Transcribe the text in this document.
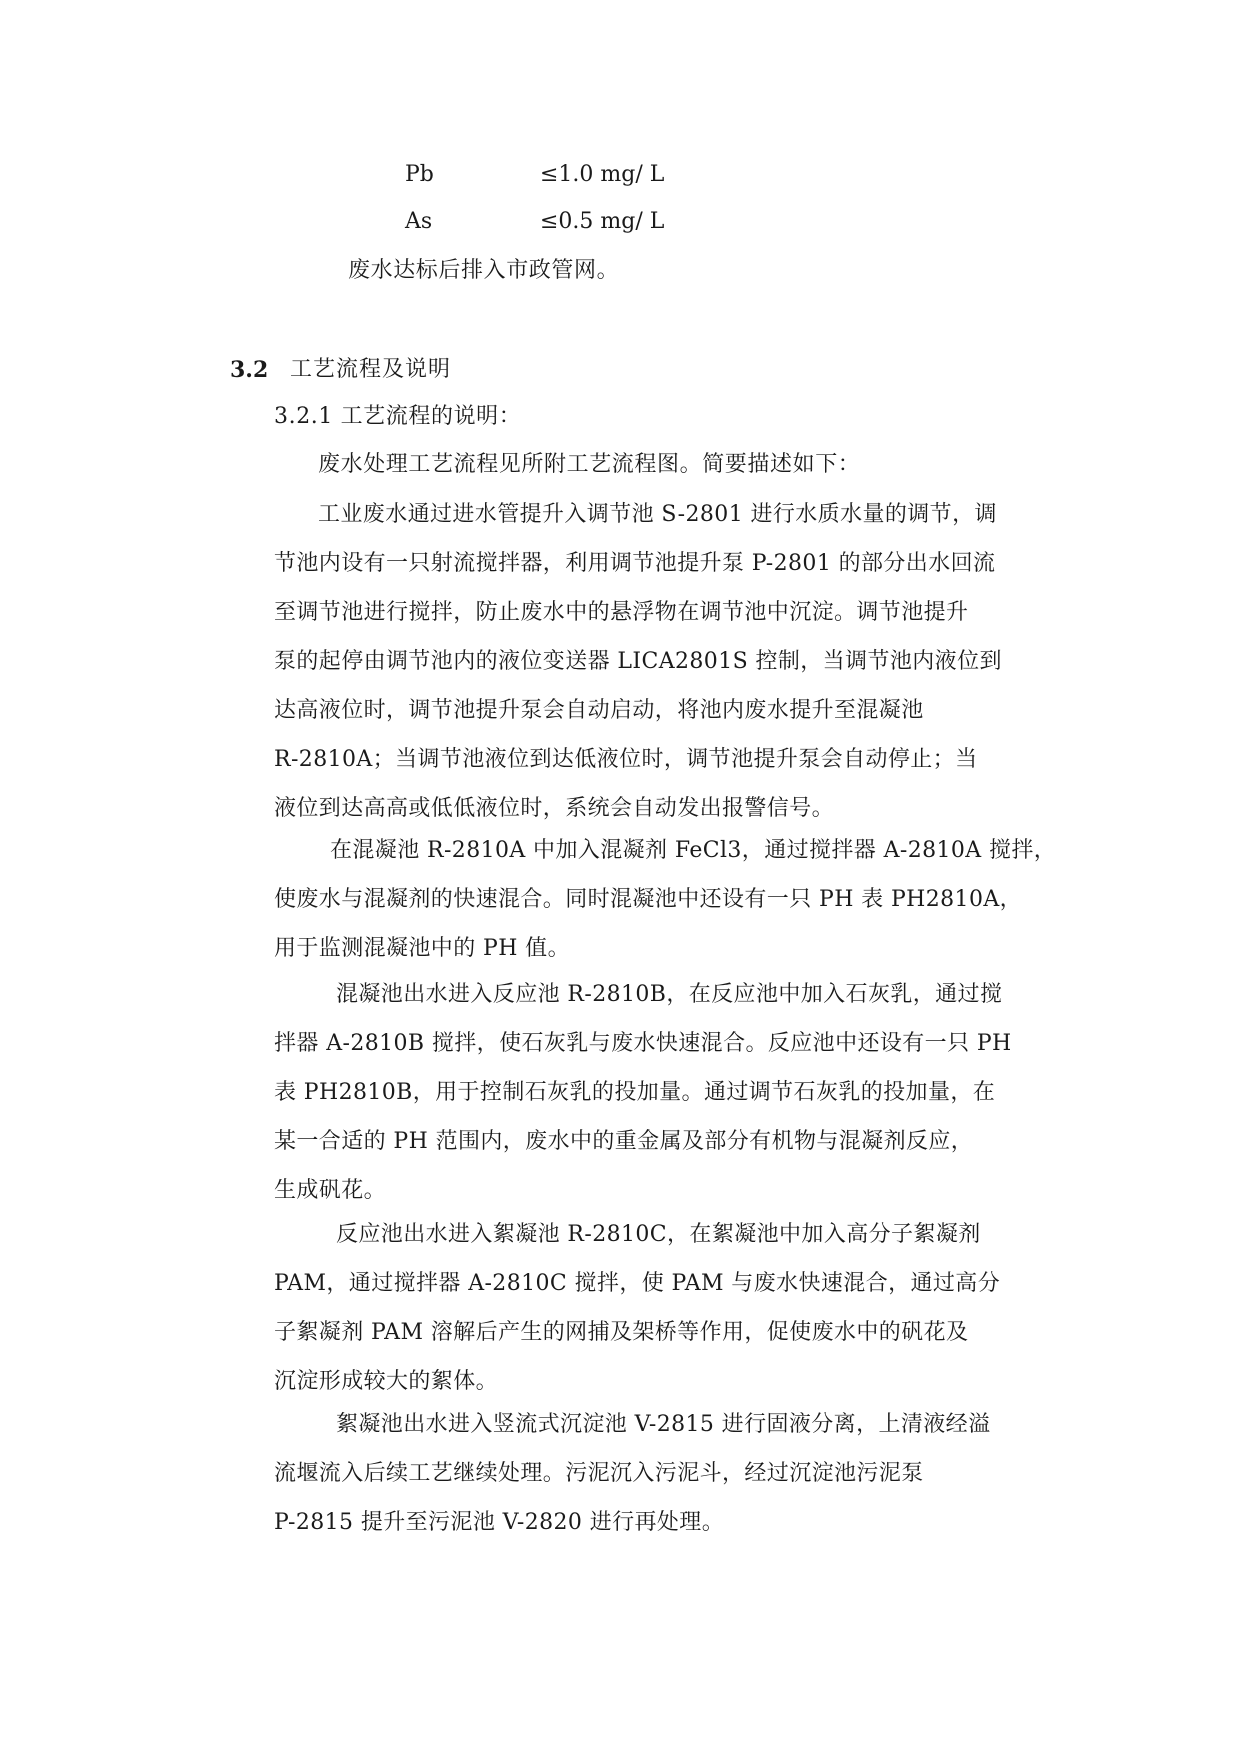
Pb	≤1.0 mg/ L
As	≤0.5 mg/ L
废水达标后排入市政管网。
3.2 工艺流程及说明
3.2.1 工艺流程的说明：
废水处理工艺流程见所附工艺流程图。简要描述如下：
工业废水通过进水管提升入调节池 S-2801 进行水质水量的调节，调
节池内设有一只射流搅拌器，利用调节池提升泵 P-2801 的部分出水回流
至调节池进行搅拌，防止废水中的悬浮物在调节池中沉淀。调节池提升
泵的起停由调节池内的液位变送器 LICA2801S 控制，当调节池内液位到
达高液位时，调节池提升泵会自动启动，将池内废水提升至混凝池
R-2810A；当调节池液位到达低液位时，调节池提升泵会自动停止；当
液位到达高高或低低液位时，系统会自动发出报警信号。
在混凝池 R-2810A 中加入混凝剂 FeCl3，通过搅拌器 A-2810A 搅拌，
使废水与混凝剂的快速混合。同时混凝池中还设有一只 PH 表 PH2810A，
用于监测混凝池中的 PH 值。
混凝池出水进入反应池 R-2810B，在反应池中加入石灰乳，通过搅
拌器 A-2810B 搅拌，使石灰乳与废水快速混合。反应池中还设有一只 PH
表 PH2810B，用于控制石灰乳的投加量。通过调节石灰乳的投加量，在
某一合适的 PH 范围内，废水中的重金属及部分有机物与混凝剂反应，
生成矾花。
反应池出水进入絮凝池 R-2810C，在絮凝池中加入高分子絮凝剂
PAM，通过搅拌器 A-2810C 搅拌，使 PAM 与废水快速混合，通过高分
子絮凝剂 PAM 溶解后产生的网捕及架桥等作用，促使废水中的矾花及
沉淀形成较大的絮体。
絮凝池出水进入竖流式沉淀池 V-2815 进行固液分离，上清液经溢
流堰流入后续工艺继续处理。污泥沉入污泥斗，经过沉淀池污泥泵
P-2815 提升至污泥池 V-2820 进行再处理。
